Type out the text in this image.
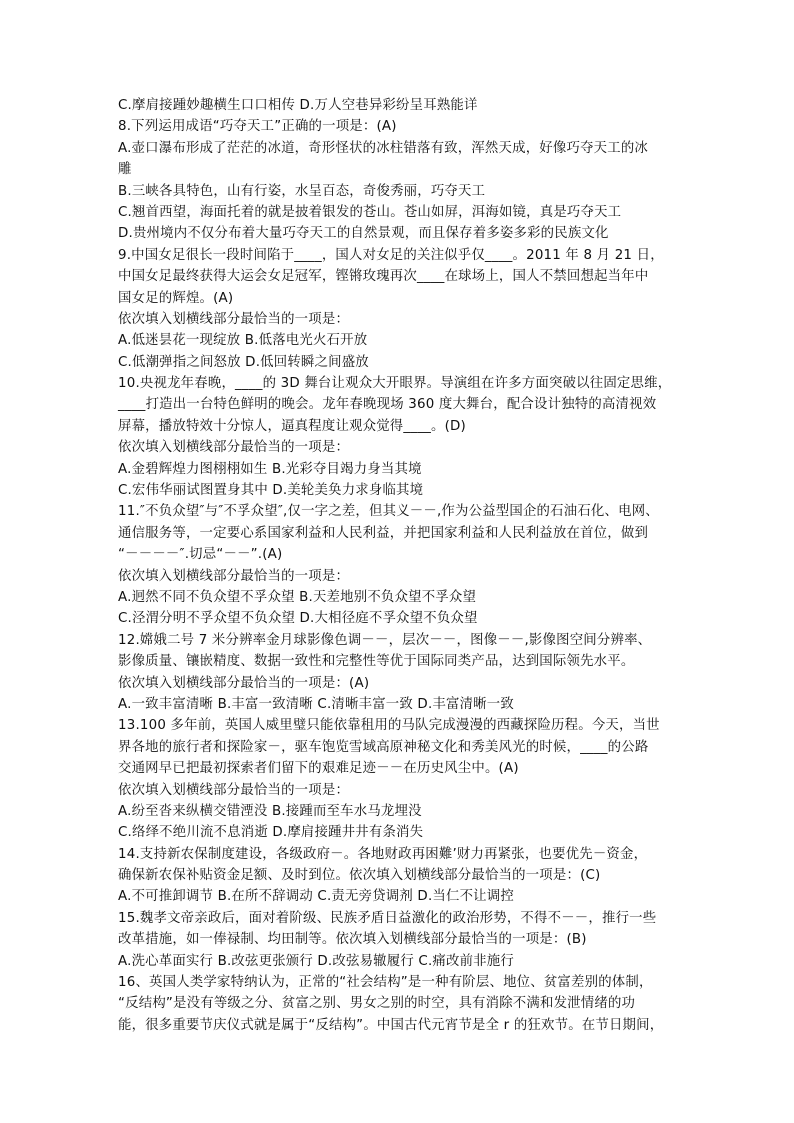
C.摩肩接踵妙趣横生口口相传 D.万人空巷异彩纷呈耳熟能详
8.下列运用成语“巧夺天工”正确的一项是：(A)
A.壶口瀑布形成了茫茫的冰道，奇形怪状的冰柱错落有致，浑然天成，好像巧夺天工的冰
雕
B.三峡各具特色，山有行姿，水呈百态，奇俊秀丽，巧夺天工
C.翘首西望，海面托着的就是披着银发的苍山。苍山如屏，洱海如镜，真是巧夺天工
D.贵州境内不仅分布着大量巧夺天工的自然景观，而且保存着多姿多彩的民族文化
9.中国女足很长一段时间陷于____，国人对女足的关注似乎仅____。2011 年 8 月 21 日，
中国女足最终获得大运会女足冠军，铿锵玫瑰再次____在球场上，国人不禁回想起当年中
国女足的辉煌。(A)
依次填入划横线部分最恰当的一项是：
A.低迷昙花一现绽放 B.低落电光火石开放
C.低潮弹指之间怒放 D.低回转瞬之间盛放
10.央视龙年春晚，____的 3D 舞台让观众大开眼界。导演组在许多方面突破以往固定思维，
____打造出一台特色鲜明的晚会。龙年春晚现场 360 度大舞台，配合设计独特的高清视效
屏幕，播放特效十分惊人，逼真程度让观众觉得____。(D)
依次填入划横线部分最恰当的一项是：
A.金碧辉煌力图栩栩如生 B.光彩夺目竭力身当其境
C.宏伟华丽试图置身其中 D.美轮美奂力求身临其境
11.″不负众望″与″不孚众望″,仅一字之差，但其义－－,作为公益型国企的石油石化、电网、
通信服务等，一定要心系国家利益和人民利益，并把国家利益和人民利益放在首位，做到
“－－－－″.切忌“－－”.(A)
依次填入划横线部分最恰当的一项是：
A.迥然不同不负众望不孚众望 B.天差地别不负众望不孚众望
C.泾渭分明不孚众望不负众望 D.大相径庭不孚众望不负众望
12.嫦娥二号 7 米分辨率金月球影像色调－－，层次－－，图像－－,影像图空间分辨率、
影像质量、镶嵌精度、数据一致性和完整性等优于国际同类产品，达到国际领先水平。
依次填入划横线部分最恰当的一项是：(A)
A.一致丰富清晰 B.丰富一致清晰 C.清晰丰富一致 D.丰富清晰一致
13.100 多年前，英国人威里璧只能依靠租用的马队完成漫漫的西藏探险历程。今天，当世
界各地的旅行者和探险家－，驱车饱览雪域高原神秘文化和秀美风光的时候，____的公路
交通网早已把最初探索者们留下的艰难足迹－－在历史风尘中。(A)
依次填入划横线部分最恰当的一项是：
A.纷至沓来纵横交错湮没 B.接踵而至车水马龙埋没
C.络绎不绝川流不息消逝 D.摩肩接踵井井有条消失
14.支持新农保制度建设，各级政府－。各地财政再困難’财力再紧张，也要优先－资金，
确保新农保补贴资金足额、及时到位。依次填入划横线部分最恰当的一项是：(C)
A.不可推卸调节 B.在所不辞调动 C.责无旁贷调剂 D.当仁不让调控
15.魏孝文帝亲政后，面对着阶级、民族矛盾日益激化的政治形势，不得不－－，推行一些
改革措施，如一俸禄制、均田制等。依次填入划横线部分最恰当的一项是：(B)
A.洗心革面实行 B.改弦更张颁行 D.改弦易辙履行 C.痛改前非施行
16、英国人类学家特纳认为，正常的“社会结构”是一种有阶层、地位、贫富差别的体制，
“反结构”是没有等级之分、贫富之别、男女之别的时空，具有消除不满和发泄情绪的功
能，很多重要节庆仪式就是属于“反结构”。中国古代元宵节是全 r 的狂欢节。在节日期间，
